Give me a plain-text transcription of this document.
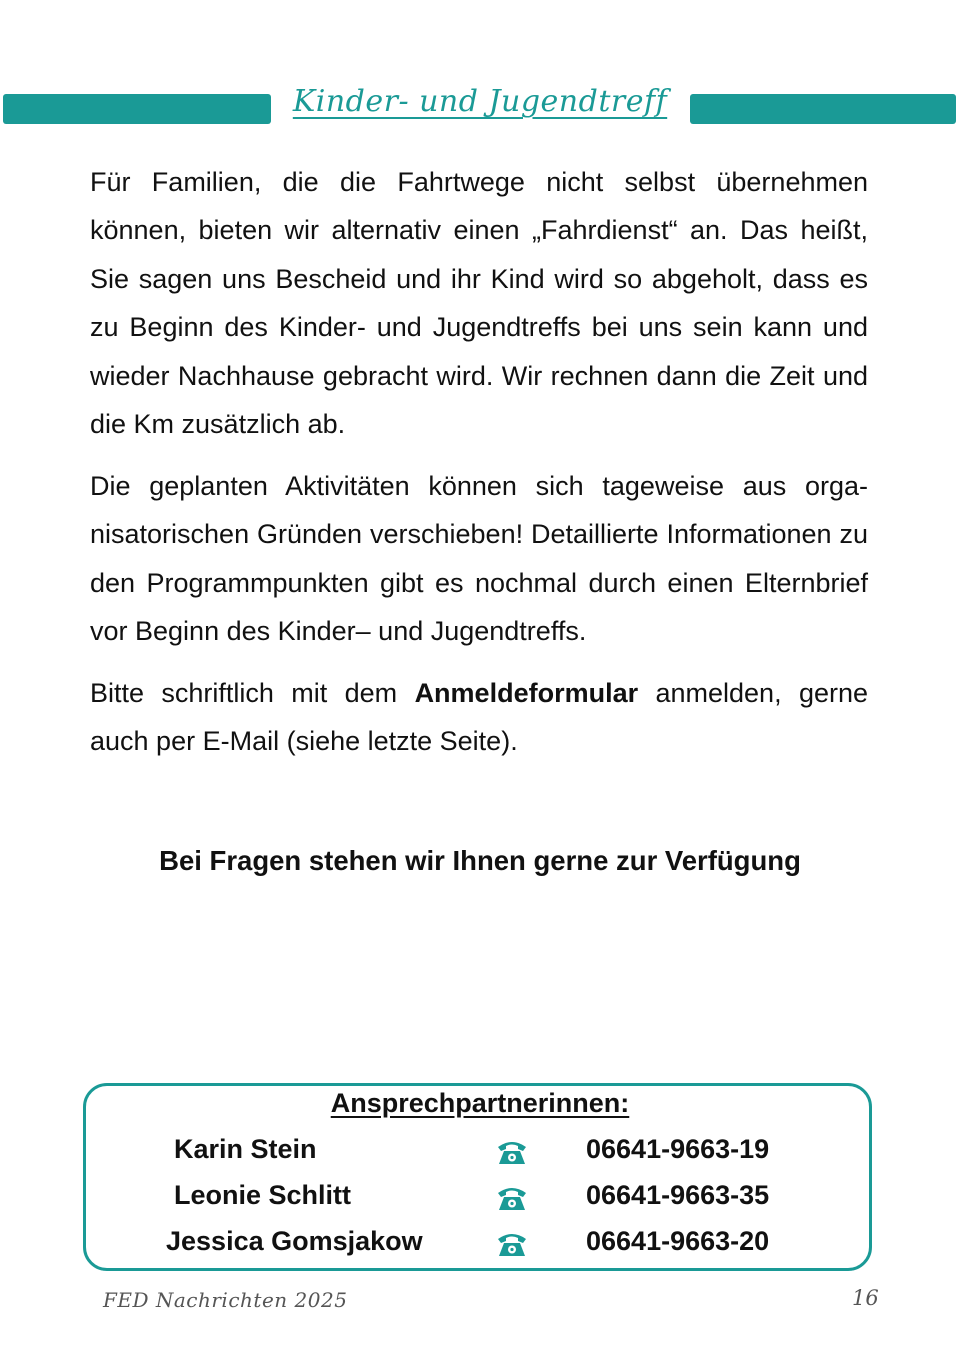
Kinder- und Jugendtreff
Für Familien, die die Fahrtwege nicht selbst übernehmen können, bieten wir alternativ einen „Fahrdienst“ an. Das heißt, Sie sagen uns Bescheid und ihr Kind wird so abgeholt, dass es zu Beginn des Kinder- und Jugendtreffs bei uns sein kann und wieder Nachhause gebracht wird. Wir rechnen dann die Zeit und die Km zusätzlich ab.
Die geplanten Aktivitäten können sich tageweise aus organisatorischen Gründen verschieben! Detaillierte Informationen zu den Programmpunkten gibt es nochmal durch einen Elternbrief vor Beginn des Kinder– und Jugendtreffs.
Bitte schriftlich mit dem Anmeldeformular anmelden, gerne auch per E-Mail (siehe letzte Seite).
Bei Fragen stehen wir Ihnen gerne zur Verfügung
Ansprechpartnerinnen:
Karin Stein	06641-9663-19
Leonie Schlitt	06641-9663-35
Jessica Gomsjakow	06641-9663-20
FED Nachrichten 2025	16
